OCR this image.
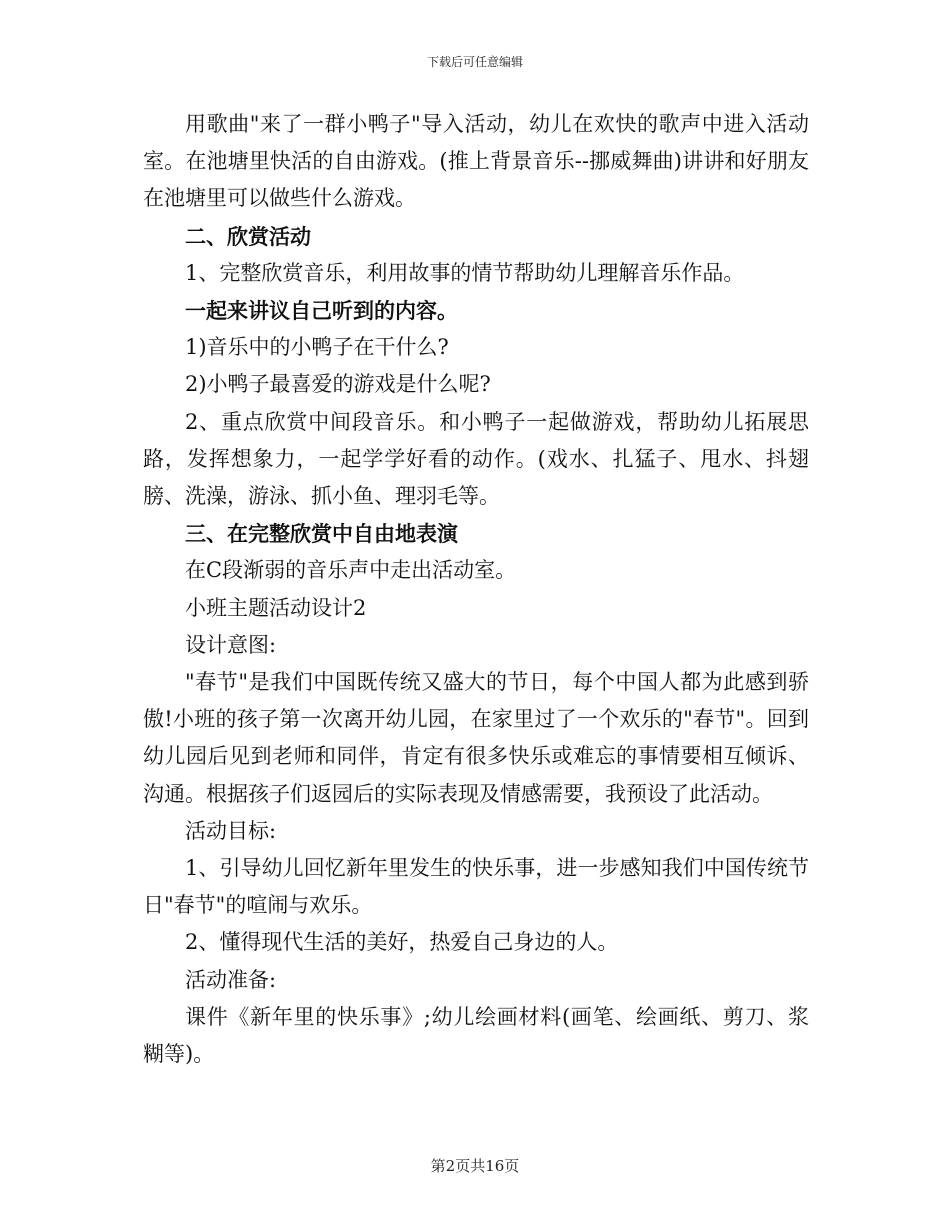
下载后可任意编辑

用歌曲"来了一群小鸭子"导入活动，幼儿在欢快的歌声中进入活动室。在池塘里快活的自由游戏。(推上背景音乐--挪威舞曲)讲讲和好朋友在池塘里可以做些什么游戏。

二、欣赏活动

1、完整欣赏音乐，利用故事的情节帮助幼儿理解音乐作品。

一起来讲议自己听到的内容。

1)音乐中的小鸭子在干什么?

2)小鸭子最喜爱的游戏是什么呢?

2、重点欣赏中间段音乐。和小鸭子一起做游戏，帮助幼儿拓展思路，发挥想象力，一起学学好看的动作。(戏水、扎猛子、甩水、抖翅膀、洗澡，游泳、抓小鱼、理羽毛等。

三、在完整欣赏中自由地表演

在C段渐弱的音乐声中走出活动室。

小班主题活动设计2

设计意图:

"春节"是我们中国既传统又盛大的节日，每个中国人都为此感到骄傲!小班的孩子第一次离开幼儿园，在家里过了一个欢乐的"春节"。回到幼儿园后见到老师和同伴，肯定有很多快乐或难忘的事情要相互倾诉、沟通。根据孩子们返园后的实际表现及情感需要，我预设了此活动。

活动目标:

1、引导幼儿回忆新年里发生的快乐事，进一步感知我们中国传统节日"春节"的喧闹与欢乐。

2、懂得现代生活的美好，热爱自己身边的人。

活动准备:

课件《新年里的快乐事》;幼儿绘画材料(画笔、绘画纸、剪刀、浆糊等)。

第2页共16页
